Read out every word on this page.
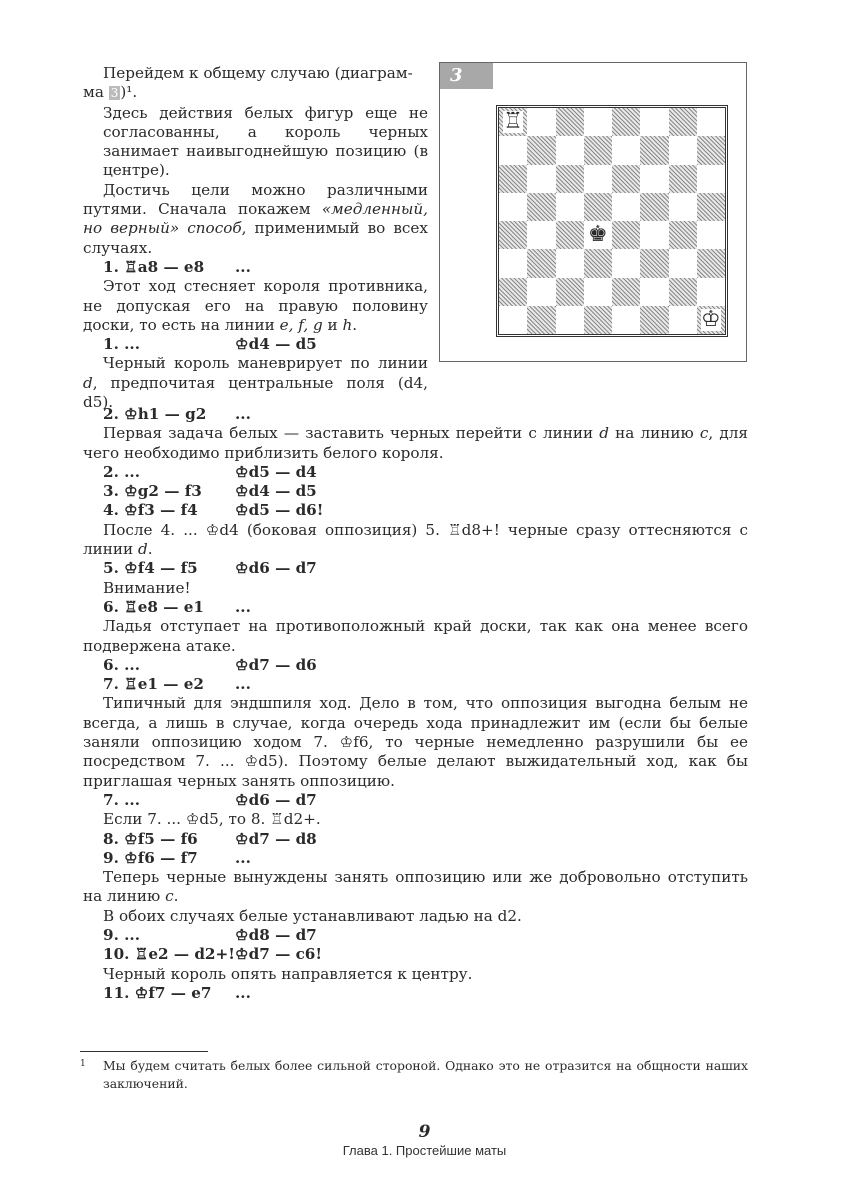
Перейдем к общему случаю (диаграм-
ма 3 )¹.

Здесь действия белых фигур еще не согласованны, а король черных занимает наивыгоднейшую позицию (в центре).

Достичь цели можно различными путями. Сначала покажем «медленный, но верный» способ, применимый во всех случаях.

1. ♖a8 — e8	...

Этот ход стесняет короля противника, не допуская его на правую половину доски, то есть на линии e, f, g и h.

1. ...	♔d4 — d5

Черный король маневрирует по линии d, предпочитая центральные поля (d4, d5).

3
♖
♚
♔
2. ♔h1 — g2	...

Первая задача белых — заставить черных перейти с линии d на линию c, для чего необходимо приблизить белого короля.

2. ...	♔d5 — d4
3. ♔g2 — f3	♔d4 — d5
4. ♔f3 — f4	♔d5 — d6!

После 4. ... ♔d4 (боковая оппозиция) 5. ♖d8+! черные сразу оттесняются с линии d.

5. ♔f4 — f5	♔d6 — d7

Внимание!

6. ♖e8 — e1	...

Ладья отступает на противоположный край доски, так как она менее всего подвержена атаке.

6. ...	♔d7 — d6
7. ♖e1 — e2	...

Типичный для эндшпиля ход. Дело в том, что оппозиция выгодна белым не всегда, а лишь в случае, когда очередь хода принадлежит им (если бы белые заняли оппозицию ходом 7. ♔f6, то черные немедленно разрушили бы ее посредством 7. ... ♔d5). Поэтому белые делают выжидательный ход, как бы приглашая черных занять оппозицию.

7. ...	♔d6 — d7

Если 7. ... ♔d5, то 8. ♖d2+.

8. ♔f5 — f6	♔d7 — d8
9. ♔f6 — f7	...

Теперь черные вынуждены занять оппозицию или же добровольно отступить на линию c.

В обоих случаях белые устанавливают ладью на d2.

9. ...	♔d8 — d7
10. ♖e2 — d2+! ♔d7 — c6!

Черный король опять направляется к центру.

11. ♔f7 — e7	...
1	Мы будем считать белых более сильной стороной. Однако это не отразится на общности наших заключений.
9
Глава 1. Простейшие маты
